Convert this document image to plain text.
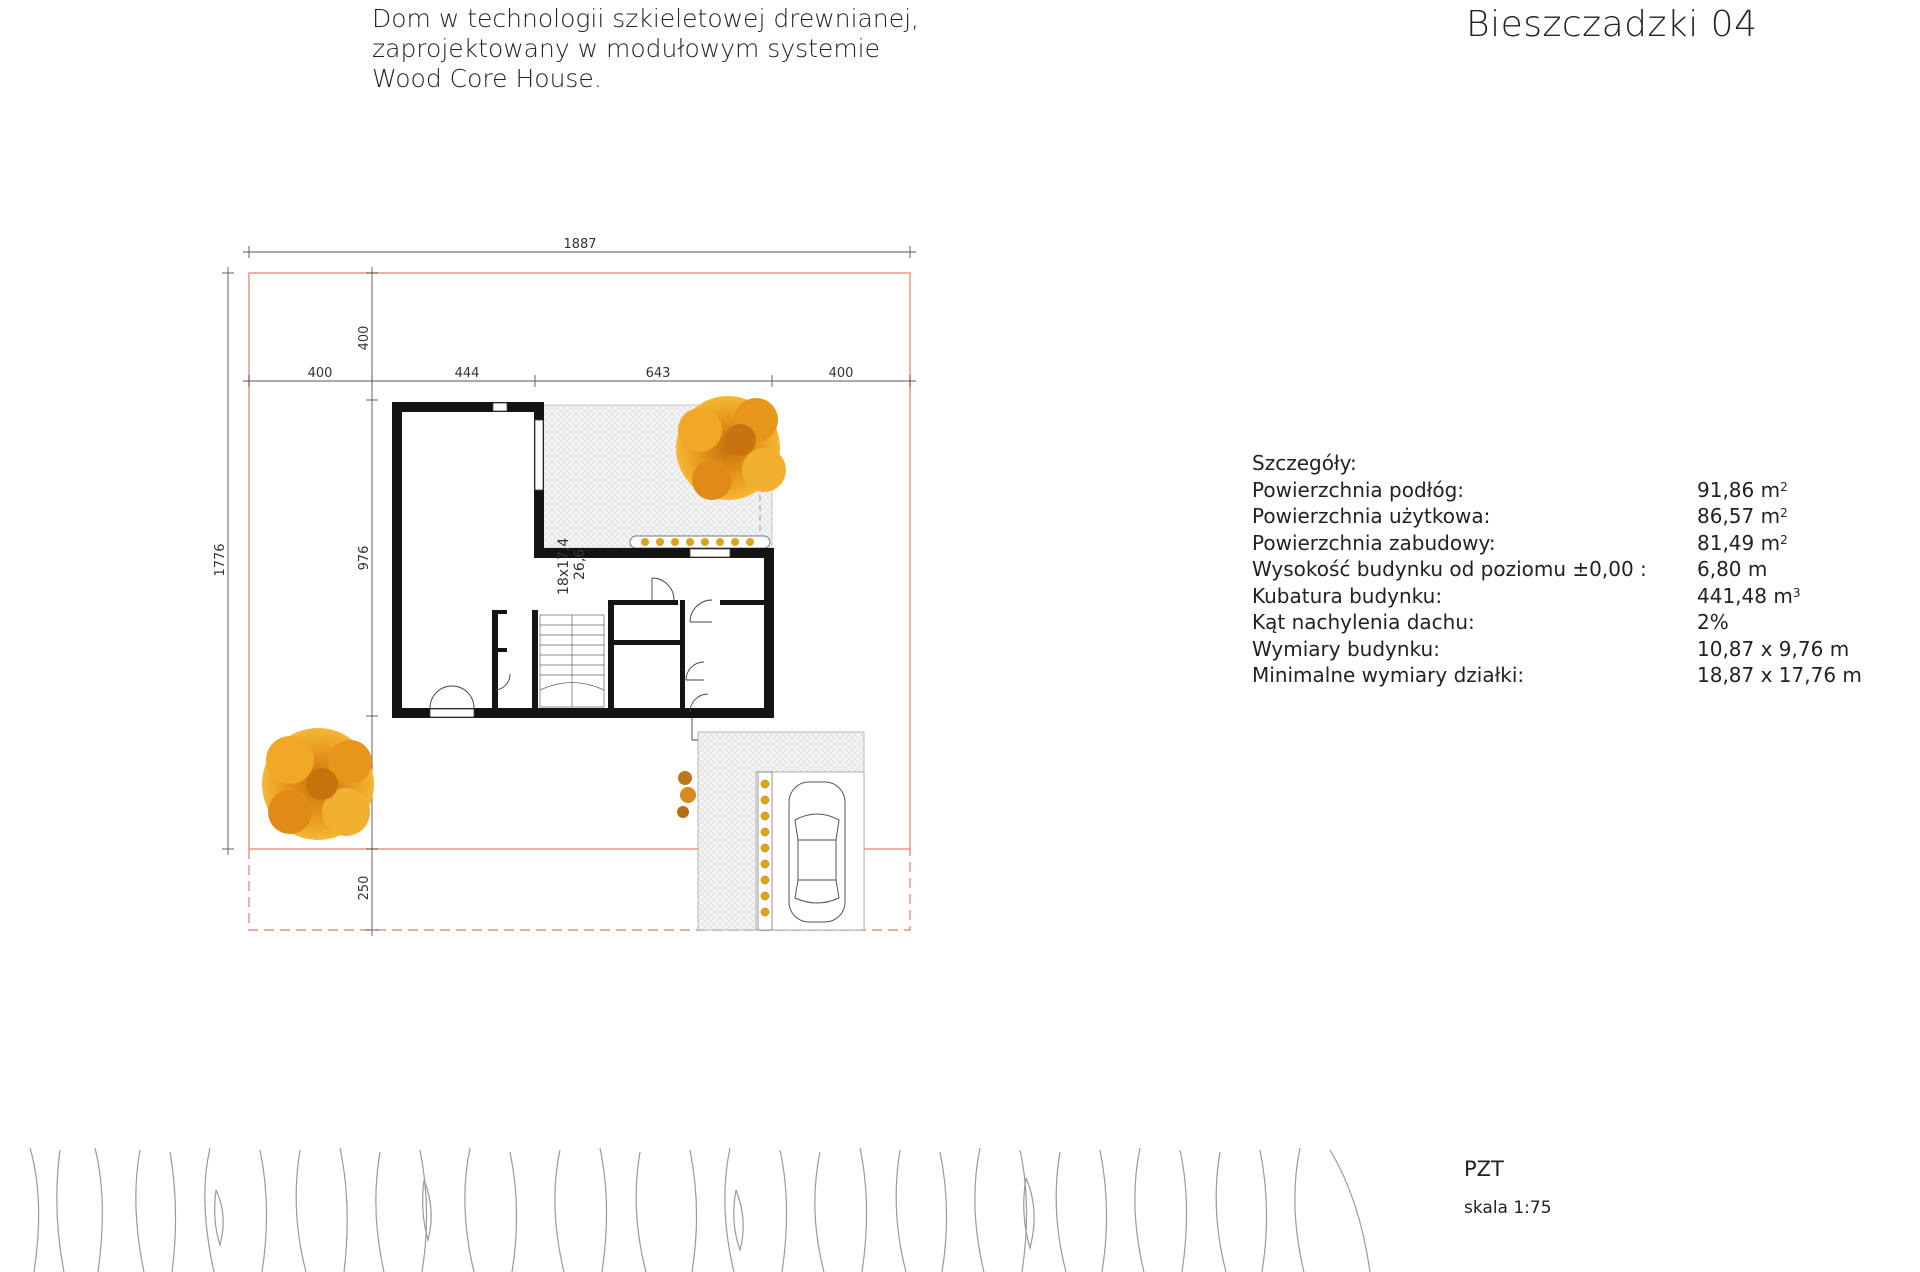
Dom w technologii szkieletowej drewnianej,
zaprojektowany w modułowym systemie
Wood Core House.
Bieszczadzki 04
1887
400	444	643	400
1776
400
976
250
18x17,4 26,6
Szczegóły:
Powierzchnia podłóg:	91,86 $m^2$
Powierzchnia użytkowa:	86,57 $m^2$
Powierzchnia zabudowy:	81,49 $m^2$
Wysokość budynku od poziomu ±0,00 :	6,80 m
Kubatura budynku:	441,48 $m^3$
Kąt nachylenia dachu:	2%
Wymiary budynku:	10,87 x 9,76 m
Minimalne wymiary działki:	18,87 x 17,76 m
PZT
skala 1:75
